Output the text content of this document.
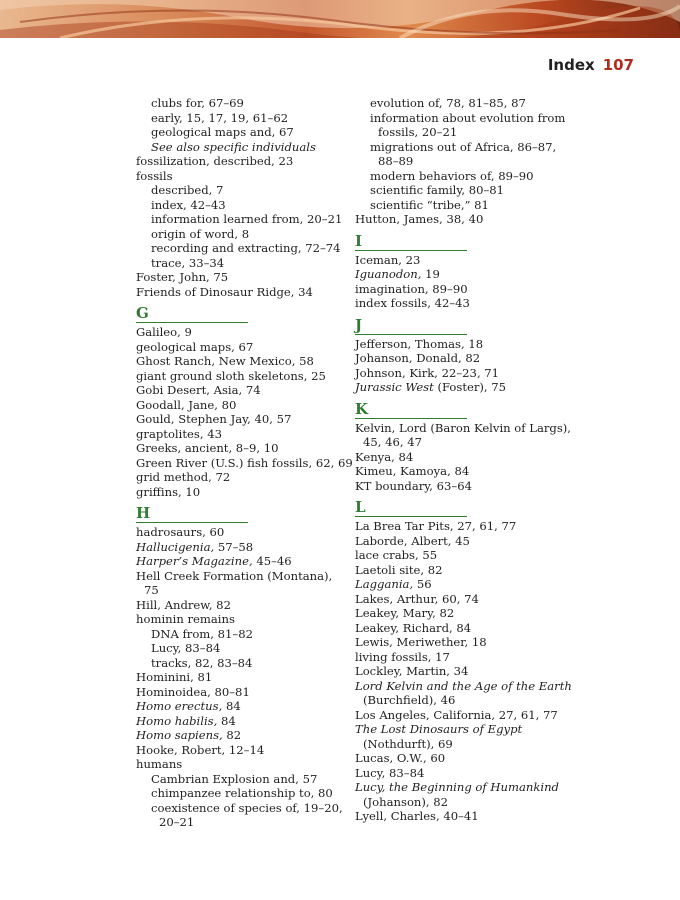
Index 107
clubs for, 67–69
early, 15, 17, 19, 61–62
geological maps and, 67
See also specific individuals
fossilization, described, 23
fossils
described, 7
index, 42–43
information learned from, 20–21
origin of word, 8
recording and extracting, 72–74
trace, 33–34
Foster, John, 75
Friends of Dinosaur Ridge, 34
G
Galileo, 9
geological maps, 67
Ghost Ranch, New Mexico, 58
giant ground sloth skeletons, 25
Gobi Desert, Asia, 74
Goodall, Jane, 80
Gould, Stephen Jay, 40, 57
graptolites, 43
Greeks, ancient, 8–9, 10
Green River (U.S.) fish fossils, 62, 69
grid method, 72
griffins, 10
H
hadrosaurs, 60
Hallucigenia, 57–58
Harper’s Magazine, 45–46
Hell Creek Formation (Montana),
75
Hill, Andrew, 82
hominin remains
DNA from, 81–82
Lucy, 83–84
tracks, 82, 83–84
Hominini, 81
Hominoidea, 80–81
Homo erectus, 84
Homo habilis, 84
Homo sapiens, 82
Hooke, Robert, 12–14
humans
Cambrian Explosion and, 57
chimpanzee relationship to, 80
coexistence of species of, 19–20,
20–21
evolution of, 78, 81–85, 87
information about evolution from
fossils, 20–21
migrations out of Africa, 86–87,
88–89
modern behaviors of, 89–90
scientific family, 80–81
scientific “tribe,” 81
Hutton, James, 38, 40
I
Iceman, 23
Iguanodon, 19
imagination, 89–90
index fossils, 42–43
J
Jefferson, Thomas, 18
Johanson, Donald, 82
Johnson, Kirk, 22–23, 71
Jurassic West (Foster), 75
K
Kelvin, Lord (Baron Kelvin of Largs),
45, 46, 47
Kenya, 84
Kimeu, Kamoya, 84
KT boundary, 63–64
L
La Brea Tar Pits, 27, 61, 77
Laborde, Albert, 45
lace crabs, 55
Laetoli site, 82
Laggania, 56
Lakes, Arthur, 60, 74
Leakey, Mary, 82
Leakey, Richard, 84
Lewis, Meriwether, 18
living fossils, 17
Lockley, Martin, 34
Lord Kelvin and the Age of the Earth
(Burchfield), 46
Los Angeles, California, 27, 61, 77
The Lost Dinosaurs of Egypt
(Nothdurft), 69
Lucas, O.W., 60
Lucy, 83–84
Lucy, the Beginning of Humankind
(Johanson), 82
Lyell, Charles, 40–41
